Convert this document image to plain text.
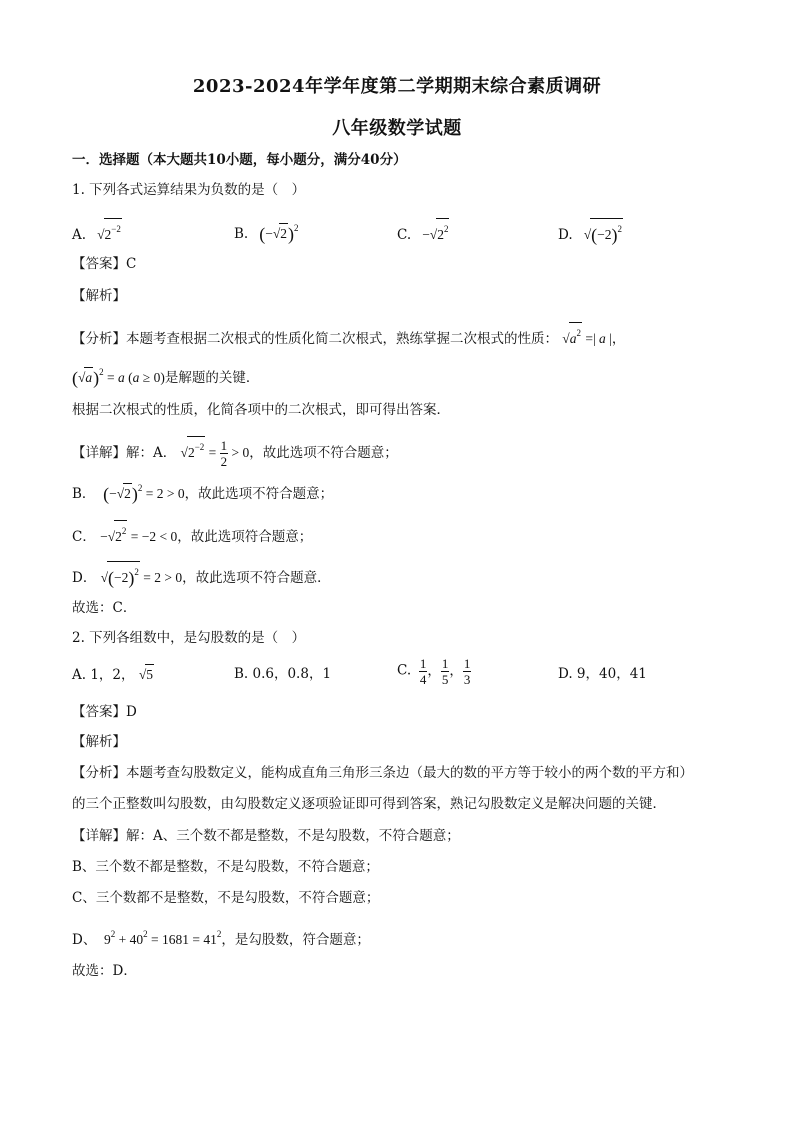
2023-2024年学年度第二学期期末综合素质调研
八年级数学试题
一．选择题（本大题共10小题，每小题分，满分40分）
1. 下列各式运算结果为负数的是（　）
A.   $√2^{-2}$	B. $(-√2)^2$	C.   $-√2^2$	D.   $√(-2)^2$
【答案】C
【解析】
【分析】本题考查根据二次根式的性质化简二次根式，熟练掌握二次根式的性质： $√a^2$ =| a |，
$(√a)^2 = a$ (a ≥ 0)是解题的关键．
根据二次根式的性质，化简各项中的二次根式，即可得出答案．
【详解】解：A． $√2^{-2} = \frac{1}{2} > 0$，故此选项不符合题意；
B． $(-√2)^2 = 2 > 0$，故此选项不符合题意；
C． $-√2^2 = -2 < 0$，故此选项符合题意；
D． $√(-2)^2 = 2 > 0$，故此选项不符合题意．
故选：C．
2. 下列各组数中，是勾股数的是（　）
A. 1，2， √5	B. 0.6，0.8，1	C. $\frac{1}{4}$ ， $\frac{1}{5}$ ， $\frac{1}{3}$	D. 9，40，41
【答案】D
【解析】
【分析】本题考查勾股数定义，能构成直角三角形三条边（最大的数的平方等于较小的两个数的平方和）
的三个正整数叫勾股数，由勾股数定义逐项验证即可得到答案，熟记勾股数定义是解决问题的关键．
【详解】解：A、三个数不都是整数，不是勾股数，不符合题意；
B、三个数不都是整数，不是勾股数，不符合题意；
C、三个数都不是整数，不是勾股数，不符合题意；
D、  $9^2 + 40^2 = 1681 = 41^2$，是勾股数，符合题意；
故选：D．
